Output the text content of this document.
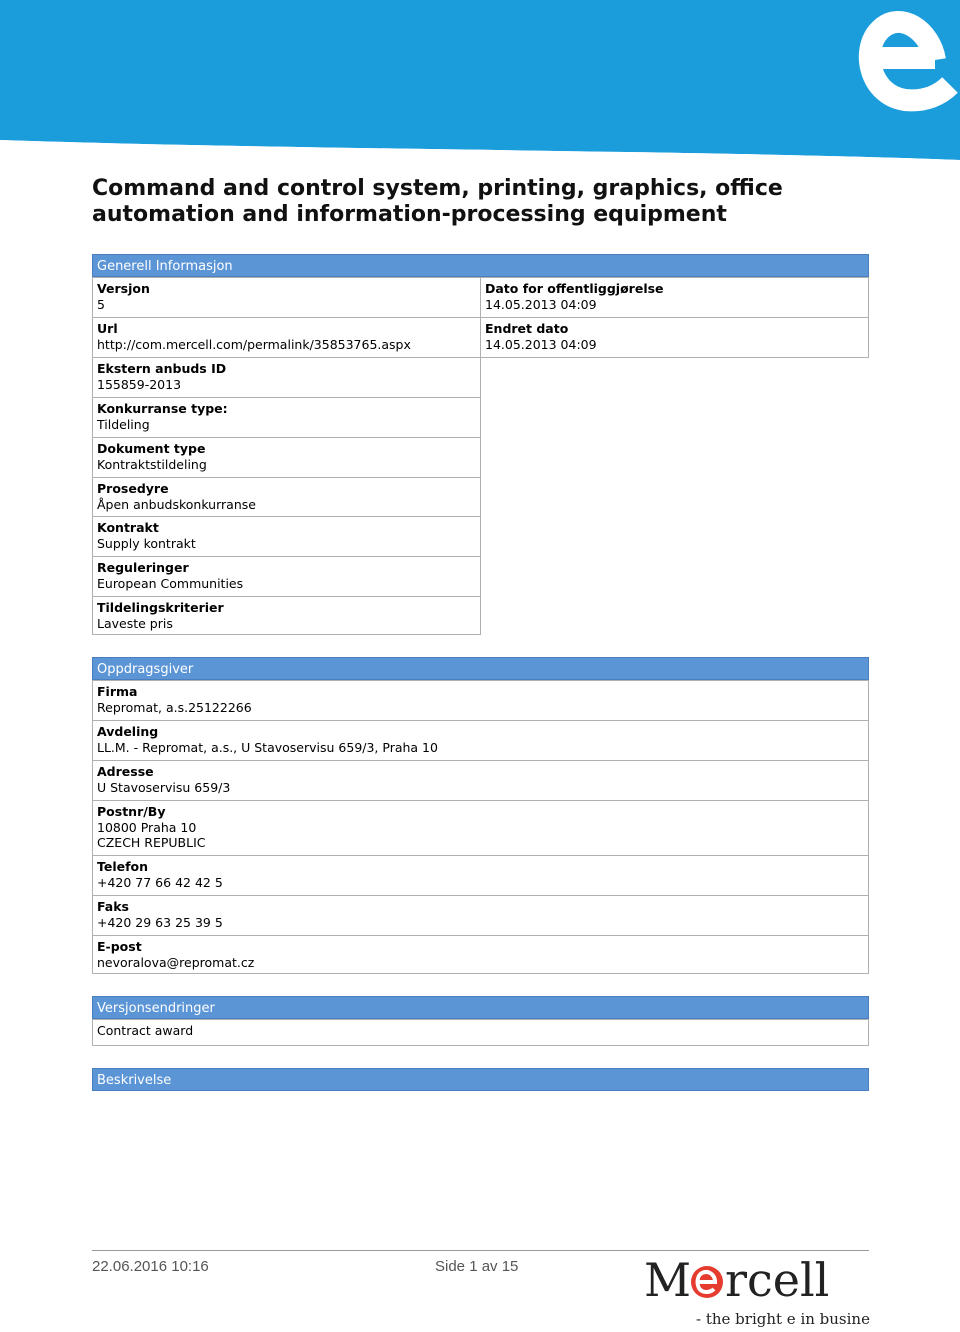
Command and control system, printing, graphics, office automation and information-processing equipment
Generell Informasjon
Versjon
5
Url
http://com.mercell.com/permalink/35853765.aspx
Ekstern anbuds ID
155859-2013
Konkurranse type:
Tildeling
Dokument type
Kontraktstildeling
Prosedyre
Åpen anbudskonkurranse
Kontrakt
Supply kontrakt
Reguleringer
European Communities
Tildelingskriterier
Laveste pris
Dato for offentliggjørelse
14.05.2013 04:09
Endret dato
14.05.2013 04:09
Oppdragsgiver
Firma
Repromat, a.s.25122266
Avdeling
LL.M. - Repromat, a.s., U Stavoservisu 659/3, Praha 10
Adresse
U Stavoservisu 659/3
Postnr/By
10800 Praha 10
CZECH REPUBLIC
Telefon
+420 77 66 42 42 5
Faks
+420 29 63 25 39 5
E-post
nevoralova@repromat.cz
Versjonsendringer
Contract award
Beskrivelse
22.06.2016 10:16	Side 1 av 15	M rcell
- the bright e in business
